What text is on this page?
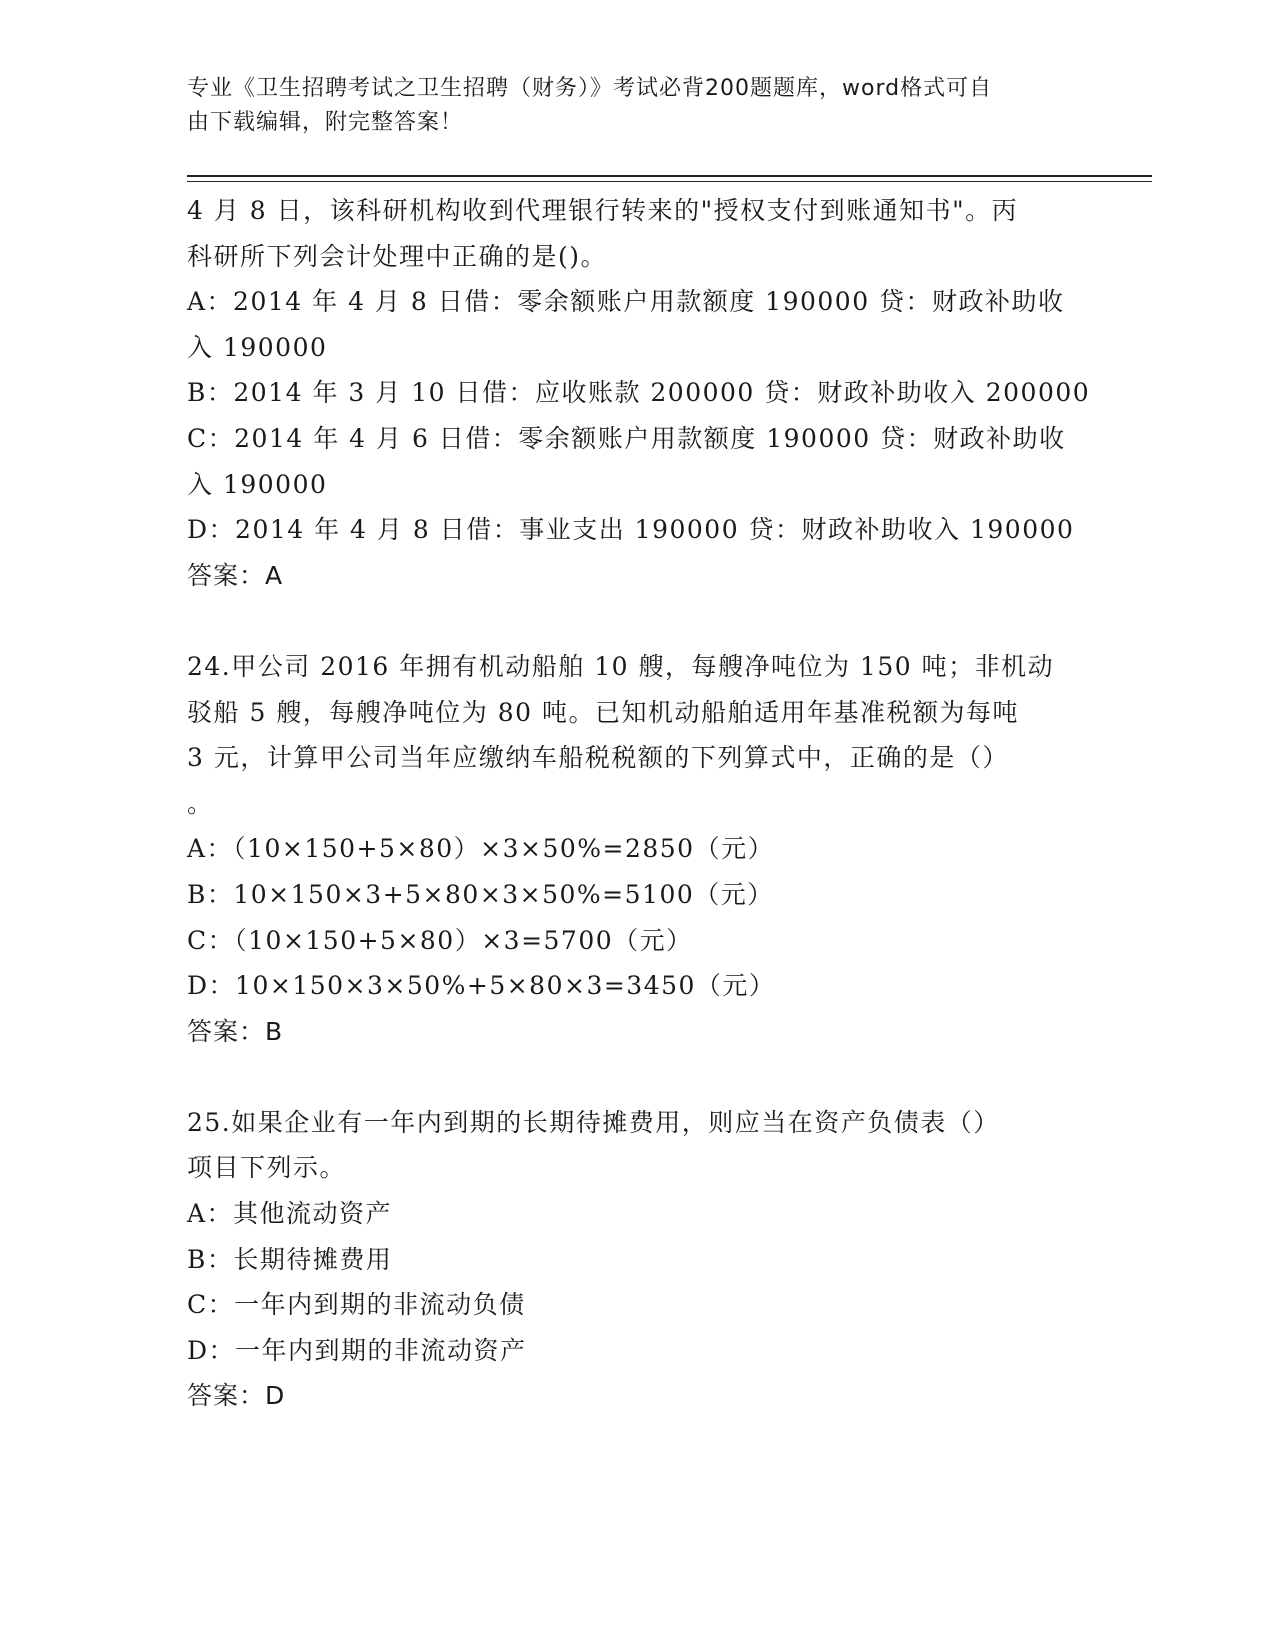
专业《卫生招聘考试之卫生招聘（财务）》考试必背200题题库，word格式可自
由下载编辑，附完整答案！
4 月 8 日，该科研机构收到代理银行转来的"授权支付到账通知书"。丙
科研所下列会计处理中正确的是()。
A：2014 年 4 月 8 日借：零余额账户用款额度 190000 贷：财政补助收
入 190000
B：2014 年 3 月 10 日借：应收账款 200000 贷：财政补助收入 200000
C：2014 年 4 月 6 日借：零余额账户用款额度 190000 贷：财政补助收
入 190000
D：2014 年 4 月 8 日借：事业支出 190000 贷：财政补助收入 190000
答案：A
24.甲公司 2016 年拥有机动船舶 10 艘，每艘净吨位为 150 吨；非机动
驳船 5 艘，每艘净吨位为 80 吨。已知机动船舶适用年基准税额为每吨
3 元，计算甲公司当年应缴纳车船税税额的下列算式中，正确的是（）
。
A：（10×150+5×80）×3×50%=2850（元）
B：10×150×3+5×80×3×50%=5100（元）
C：（10×150+5×80）×3=5700（元）
D：10×150×3×50%+5×80×3=3450（元）
答案：B
25.如果企业有一年内到期的长期待摊费用，则应当在资产负债表（）
项目下列示。
A：其他流动资产
B：长期待摊费用
C：一年内到期的非流动负债
D：一年内到期的非流动资产
答案：D
